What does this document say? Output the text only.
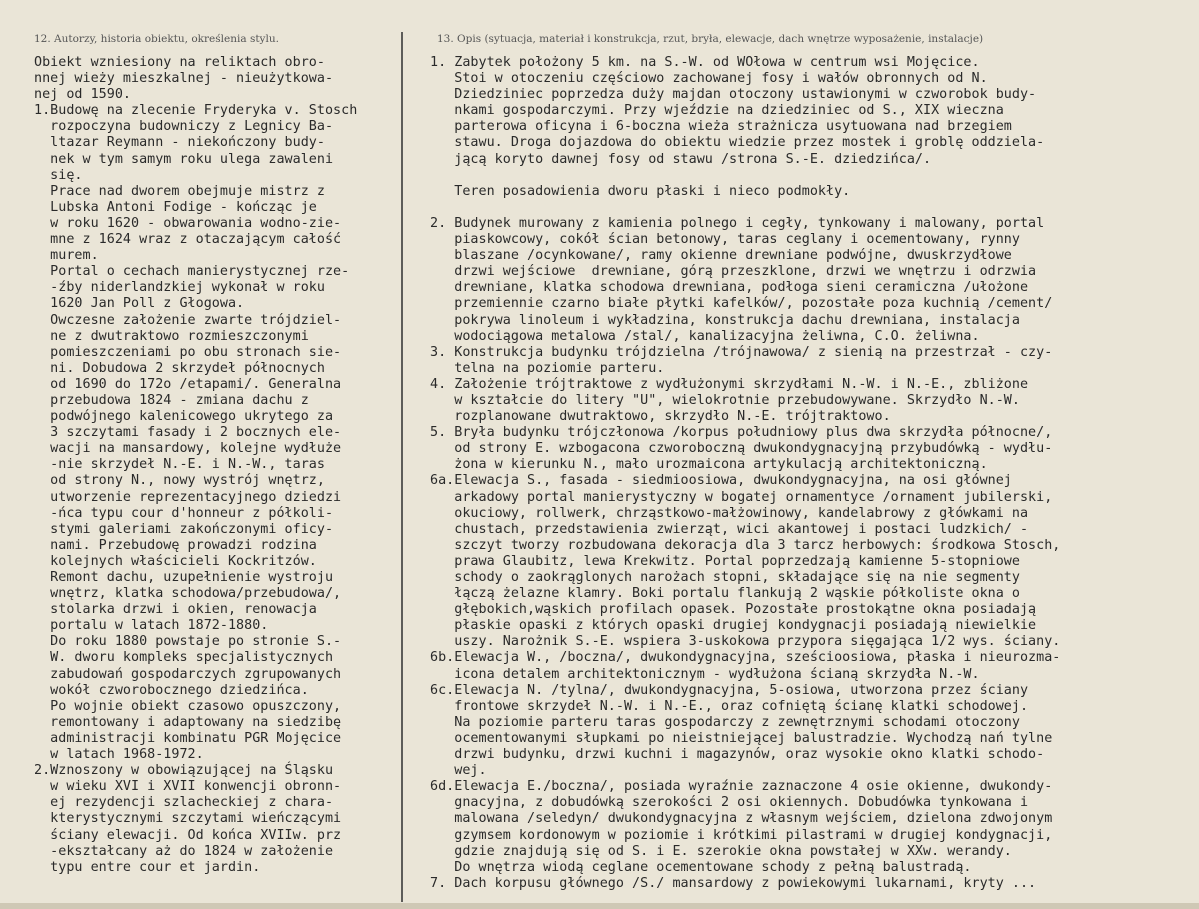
12. Autorzy, historia obiektu, określenia stylu.
Obiekt wzniesiony na reliktach obro-
nnej wieży mieszkalnej - nieużytkowa-
nej od 1590.
1.Budowę na zlecenie Fryderyka v. Stosch
rozpoczyna budowniczy z Legnicy Ba-
ltazar Reymann - niekończony budy-
nek w tym samym roku ulega zawaleni
się.
Prace nad dworem obejmuje mistrz z
Lubska Antoni Fodige - kończąc je
w roku 1620 - obwarowania wodno-zie-
mne z 1624 wraz z otaczającym całość
murem.
Portal o cechach manierystycznej rze-
-źby niderlandzkiej wykonał w roku
1620 Jan Poll z Głogowa.
Owczesne założenie zwarte trójdziel-
ne z dwutraktowo rozmieszczonymi
pomieszczeniami po obu stronach sie-
ni. Dobudowa 2 skrzydeł północnych
od 1690 do 172o /etapami/. Generalna
przebudowa 1824 - zmiana dachu z
podwójnego kalenicowego ukrytego za
3 szczytami fasady i 2 bocznych ele-
wacji na mansardowy, kolejne wydłuże
-nie skrzydeł N.-E. i N.-W., taras
od strony N., nowy wystrój wnętrz,
utworzenie reprezentacyjnego dziedzi
-ńca typu cour d'honneur z półkoli-
stymi galeriami zakończonymi oficy-
nami. Przebudowę prowadzi rodzina
kolejnych właścicieli Kockritzów.
Remont dachu, uzupełnienie wystroju
wnętrz, klatka schodowa/przebudowa/,
stolarka drzwi i okien, renowacja
portalu w latach 1872-1880.
Do roku 1880 powstaje po stronie S.-
W. dworu kompleks specjalistycznych
zabudowań gospodarczych zgrupowanych
wokół czworobocznego dziedzińca.
Po wojnie obiekt czasowo opuszczony,
remontowany i adaptowany na siedzibę
administracji kombinatu PGR Mojęcice
w latach 1968-1972.
2.Wznoszony w obowiązującej na Śląsku
w wieku XVI i XVII konwencji obronn-
ej rezydencji szlacheckiej z chara-
kterystycznymi szczytami wieńczącymi
ściany elewacji. Od końca XVIIw. prz
-ekształcany aż do 1824 w założenie
typu entre cour et jardin.
13. Opis (sytuacja, materiał i konstrukcja, rzut, bryła, elewacje, dach wnętrze wyposażenie, instalacje)
1. Zabytek położony 5 km. na S.-W. od WOłowa w centrum wsi Mojęcice.
Stoi w otoczeniu częściowo zachowanej fosy i wałów obronnych od N.
Dziedziniec poprzedza duży majdan otoczony ustawionymi w czworobok budy-
nkami gospodarczymi. Przy wjeździe na dziedziniec od S., XIX wieczna
parterowa oficyna i 6-boczna wieża strażnicza usytuowana nad brzegiem
stawu. Droga dojazdowa do obiektu wiedzie przez mostek i groblę oddziela-
jącą koryto dawnej fosy od stawu /strona S.-E. dziedzińca/.
Teren posadowienia dworu płaski i nieco podmokły.
2. Budynek murowany z kamienia polnego i cegły, tynkowany i malowany, portal
piaskowcowy, cokół ścian betonowy, taras ceglany i ocementowany, rynny
blaszane /ocynkowane/, ramy okienne drewniane podwójne, dwuskrzydłowe
drzwi wejściowe  drewniane, górą przeszklone, drzwi we wnętrzu i odrzwia
drewniane, klatka schodowa drewniana, podłoga sieni ceramiczna /ułożone
przemiennie czarno białe płytki kafelków/, pozostałe poza kuchnią /cement/
pokrywa linoleum i wykładzina, konstrukcja dachu drewniana, instalacja
wodociągowa metalowa /stal/, kanalizacyjna żeliwna, C.O. żeliwna.
3. Konstrukcja budynku trójdzielna /trójnawowa/ z sienią na przestrzał - czy-
telna na poziomie parteru.
4. Założenie trójtraktowe z wydłużonymi skrzydłami N.-W. i N.-E., zbliżone
w kształcie do litery "U", wielokrotnie przebudowywane. Skrzydło N.-W.
rozplanowane dwutraktowo, skrzydło N.-E. trójtraktowo.
5. Bryła budynku trójczłonowa /korpus południowy plus dwa skrzydła północne/,
od strony E. wzbogacona czworoboczną dwukondygnacyjną przybudówką - wydłu-
żona w kierunku N., mało urozmaicona artykulacją architektoniczną.
6a.Elewacja S., fasada - siedmioosiowa, dwukondygnacyjna, na osi głównej
arkadowy portal manierystyczny w bogatej ornamentyce /ornament jubilerski,
okuciowy, rollwerk, chrząstkowo-małżowinowy, kandelabrowy z główkami na
chustach, przedstawienia zwierząt, wici akantowej i postaci ludzkich/ -
szczyt tworzy rozbudowana dekoracja dla 3 tarcz herbowych: środkowa Stosch,
prawa Glaubitz, lewa Krekwitz. Portal poprzedzają kamienne 5-stopniowe
schody o zaokrąglonych narożach stopni, składające się na nie segmenty
łączą żelazne klamry. Boki portalu flankują 2 wąskie półkoliste okna o
głębokich,wąskich profilach opasek. Pozostałe prostokątne okna posiadają
płaskie opaski z których opaski drugiej kondygnacji posiadają niewielkie
uszy. Narożnik S.-E. wspiera 3-uskokowa przypora sięgająca 1/2 wys. ściany.
6b.Elewacja W., /boczna/, dwukondygnacyjna, sześcioosiowa, płaska i nieurozma-
icona detalem architektonicznym - wydłużona ścianą skrzydła N.-W.
6c.Elewacja N. /tylna/, dwukondygnacyjna, 5-osiowa, utworzona przez ściany
frontowe skrzydeł N.-W. i N.-E., oraz cofniętą ścianę klatki schodowej.
Na poziomie parteru taras gospodarczy z zewnętrznymi schodami otoczony
ocementowanymi słupkami po nieistniejącej balustradzie. Wychodzą nań tylne
drzwi budynku, drzwi kuchni i magazynów, oraz wysokie okno klatki schodo-
wej.
6d.Elewacja E./boczna/, posiada wyraźnie zaznaczone 4 osie okienne, dwukondy-
gnacyjna, z dobudówką szerokości 2 osi okiennych. Dobudówka tynkowana i
malowana /seledyn/ dwukondygnacyjna z własnym wejściem, dzielona zdwojonym
gzymsem kordonowym w poziomie i krótkimi pilastrami w drugiej kondygnacji,
gdzie znajdują się od S. i E. szerokie okna powstałej w XXw. werandy.
Do wnętrza wiodą ceglane ocementowane schody z pełną balustradą.
7. Dach korpusu głównego /S./ mansardowy z powiekowymi lukarnami, kryty ...
